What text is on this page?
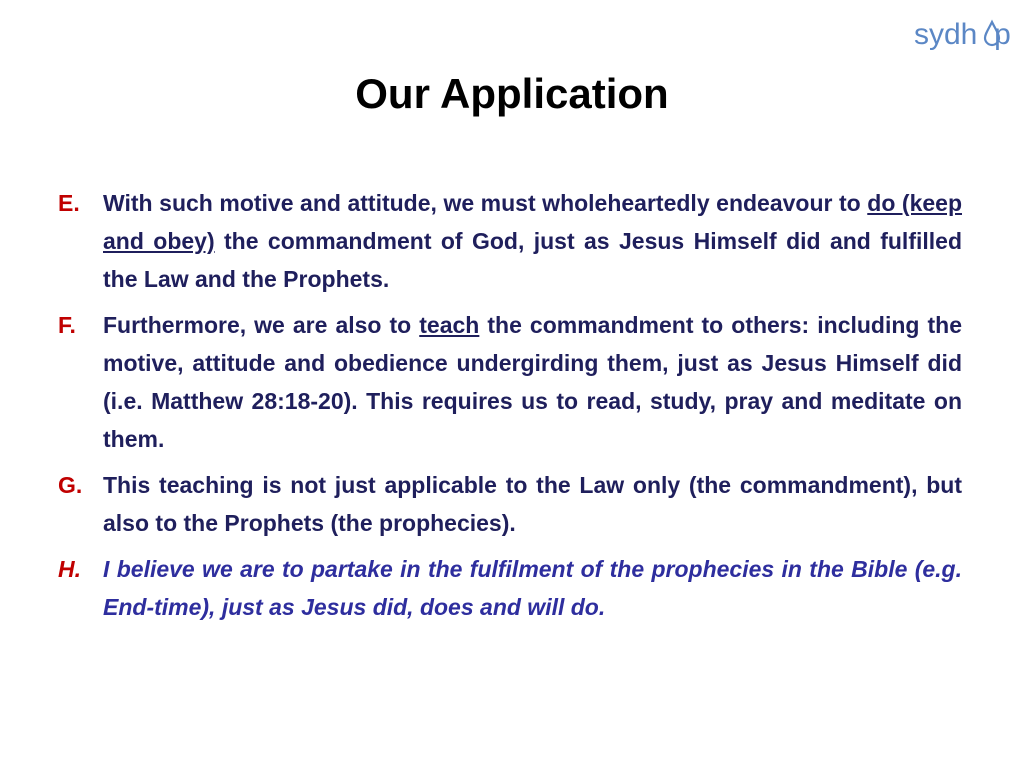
sydhop
Our Application
E. With such motive and attitude, we must wholeheartedly endeavour to do (keep and obey) the commandment of God, just as Jesus Himself did and fulfilled the Law and the Prophets.
F. Furthermore, we are also to teach the commandment to others: including the motive, attitude and obedience undergirding them, just as Jesus Himself did (i.e. Matthew 28:18-20). This requires us to read, study, pray and meditate on them.
G. This teaching is not just applicable to the Law only (the commandment), but also to the Prophets (the prophecies).
H. I believe we are to partake in the fulfilment of the prophecies in the Bible (e.g. End-time), just as Jesus did, does and will do.
